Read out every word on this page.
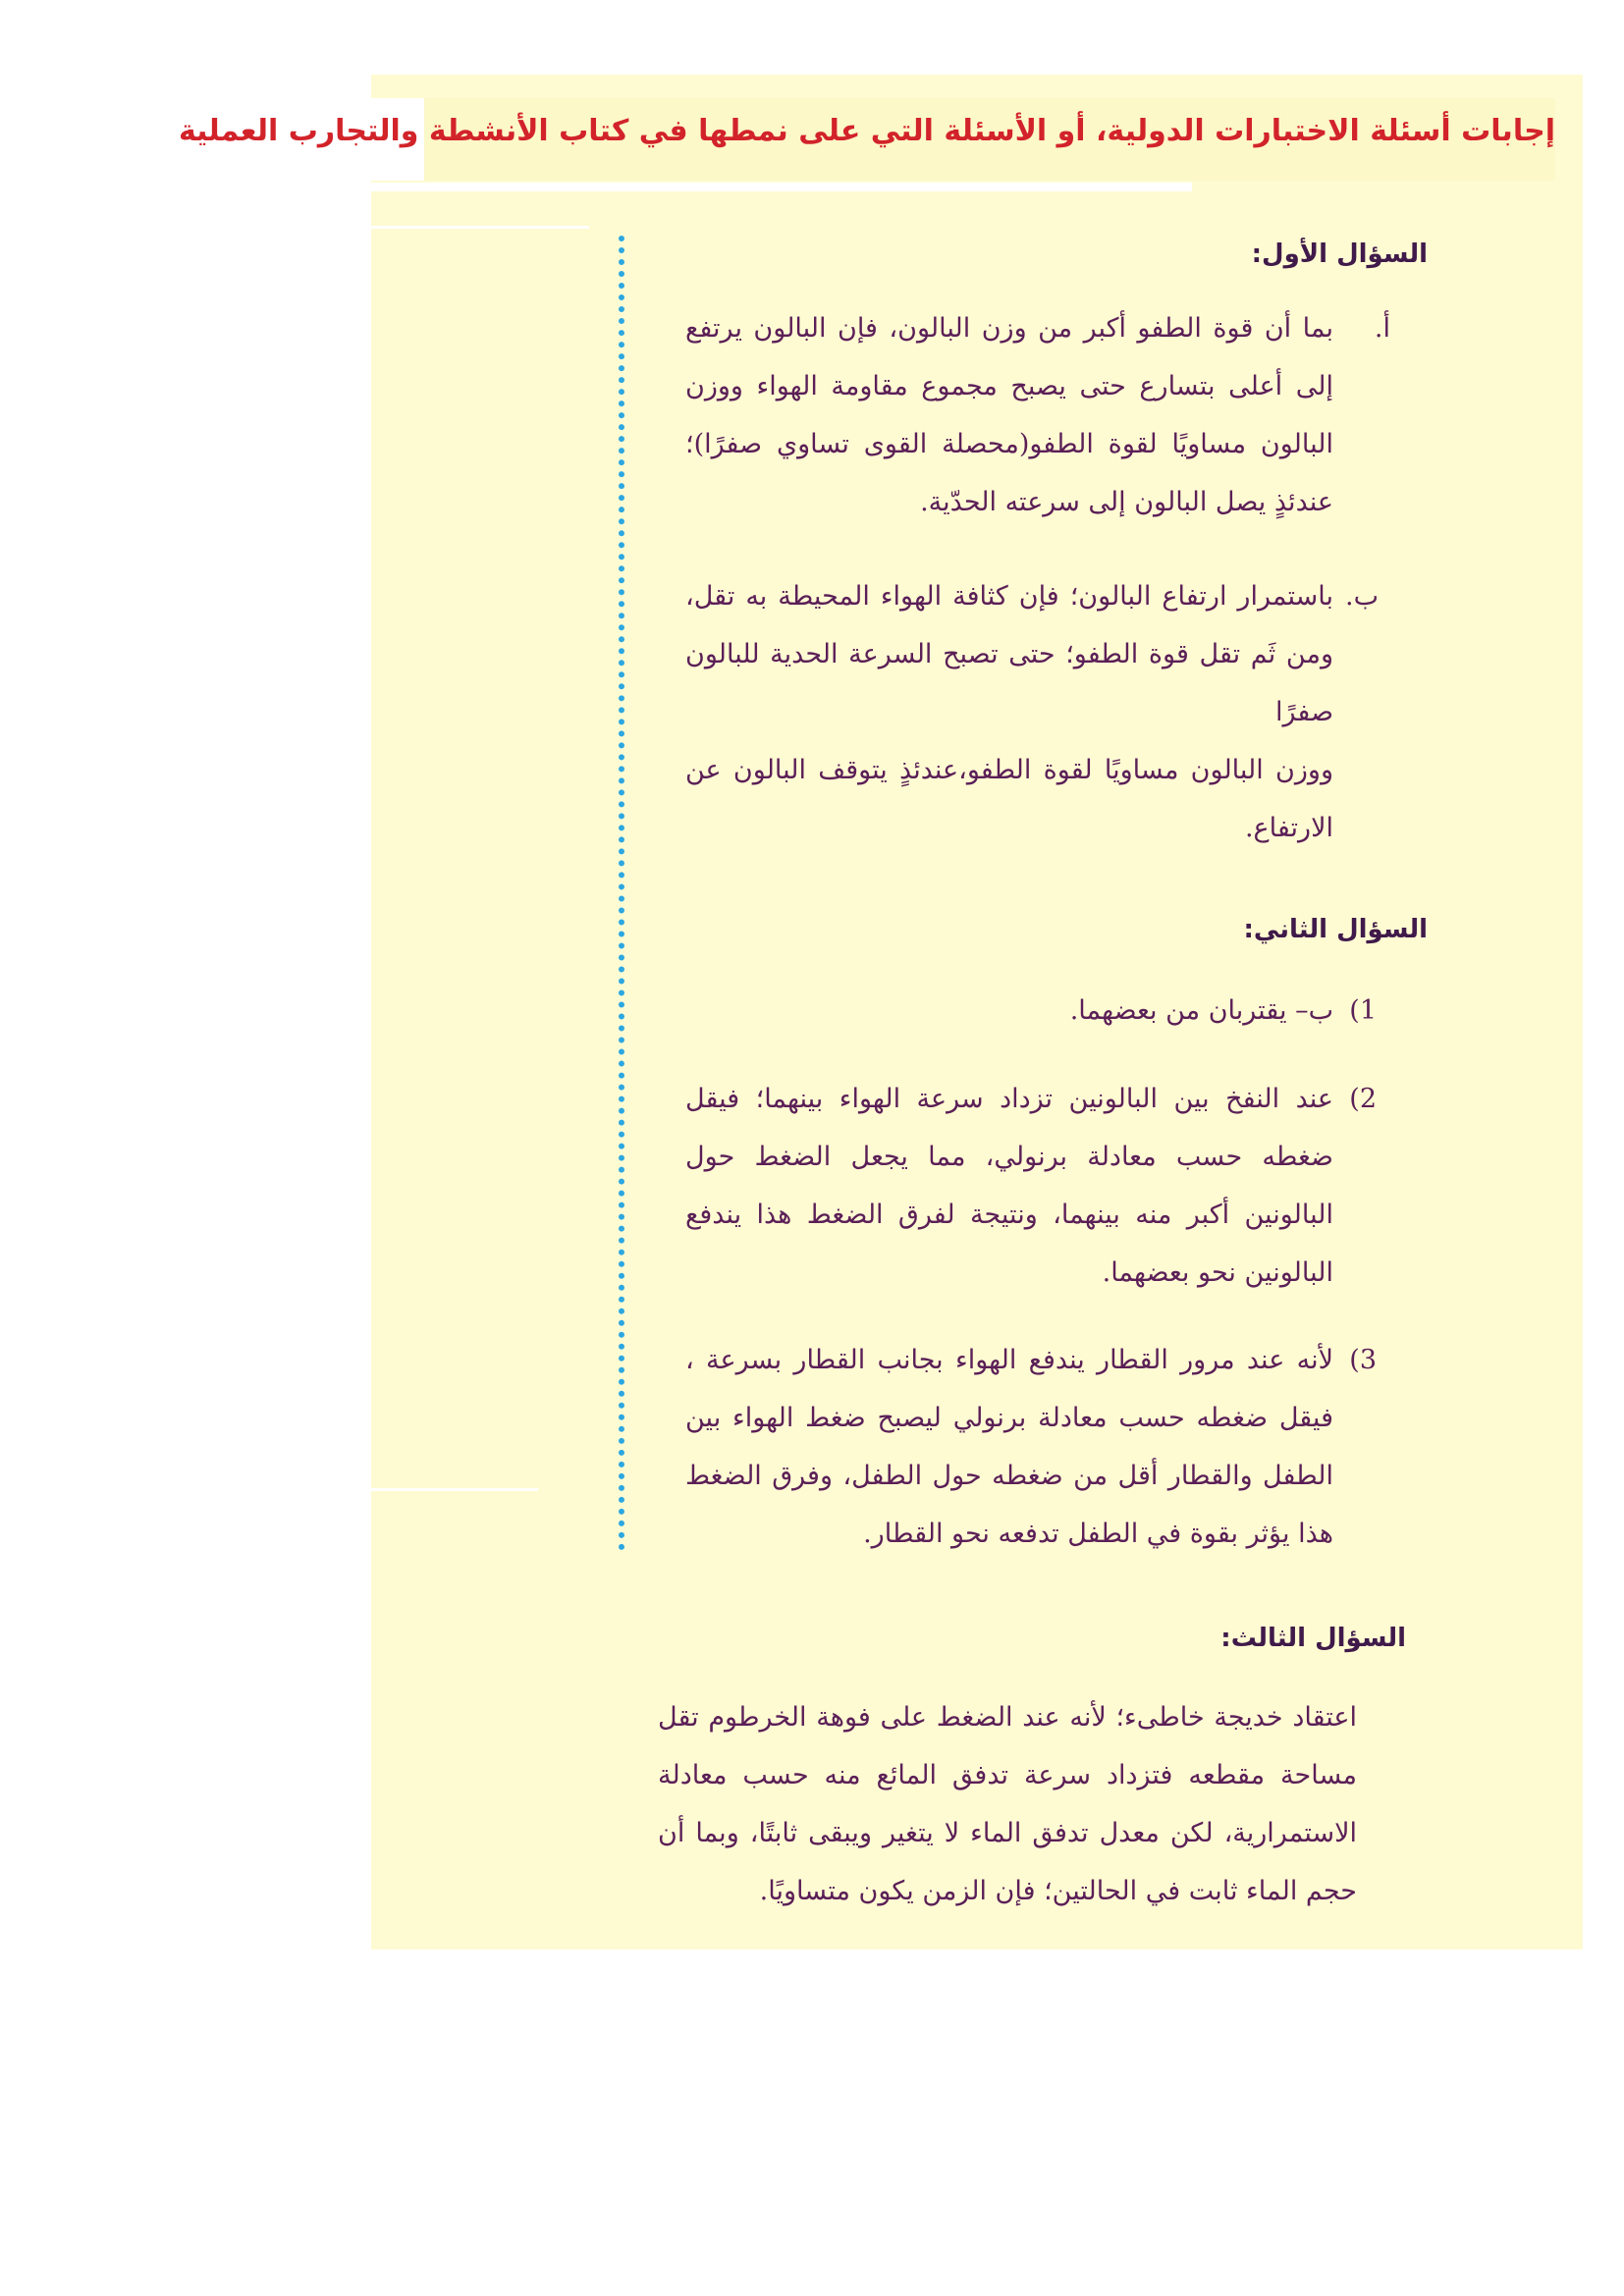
إجابات أسئلة الاختبارات الدولية، أو الأسئلة التي على نمطها في كتاب الأنشطة والتجارب العملية
السؤال الأول:
أ.
بما أن قوة الطفو أكبر من وزن البالون، فإن البالون يرتفع إلى أعلى بتسارع حتى يصبح مجموع مقاومة الهواء ووزن البالون مساويًا لقوة الطفو(محصلة القوى تساوي صفرًا)؛ عندئذٍ يصل البالون إلى سرعته الحدّية.
ب.
باستمرار ارتفاع البالون؛ فإن كثافة الهواء المحيطة به تقل، ومن ثَم تقل قوة الطفو؛ حتى تصبح السرعة الحدية للبالون صفرًا
ووزن البالون مساويًا لقوة الطفو،عندئذٍ يتوقف البالون عن الارتفاع.
السؤال الثاني:
1)
ب– يقتربان من بعضهما.
2)
عند النفخ بين البالونين تزداد سرعة الهواء بينهما؛ فيقل ضغطه حسب معادلة برنولي، مما يجعل الضغط حول البالونين أكبر منه بينهما، ونتيجة لفرق الضغط هذا يندفع البالونين نحو بعضهما.
3)
لأنه عند مرور القطار يندفع الهواء بجانب القطار بسرعة ، فيقل ضغطه حسب معادلة برنولي ليصبح ضغط الهواء بين الطفل والقطار أقل من ضغطه حول الطفل، وفرق الضغط هذا يؤثر بقوة في الطفل تدفعه نحو القطار.
السؤال الثالث:
اعتقاد خديجة خاطىء؛ لأنه عند الضغط على فوهة الخرطوم تقل مساحة مقطعه فتزداد سرعة تدفق المائع منه حسب معادلة الاستمرارية، لكن معدل تدفق الماء لا يتغير ويبقى ثابتًا، وبما أن حجم الماء ثابت في الحالتين؛ فإن الزمن يكون متساويًا.
